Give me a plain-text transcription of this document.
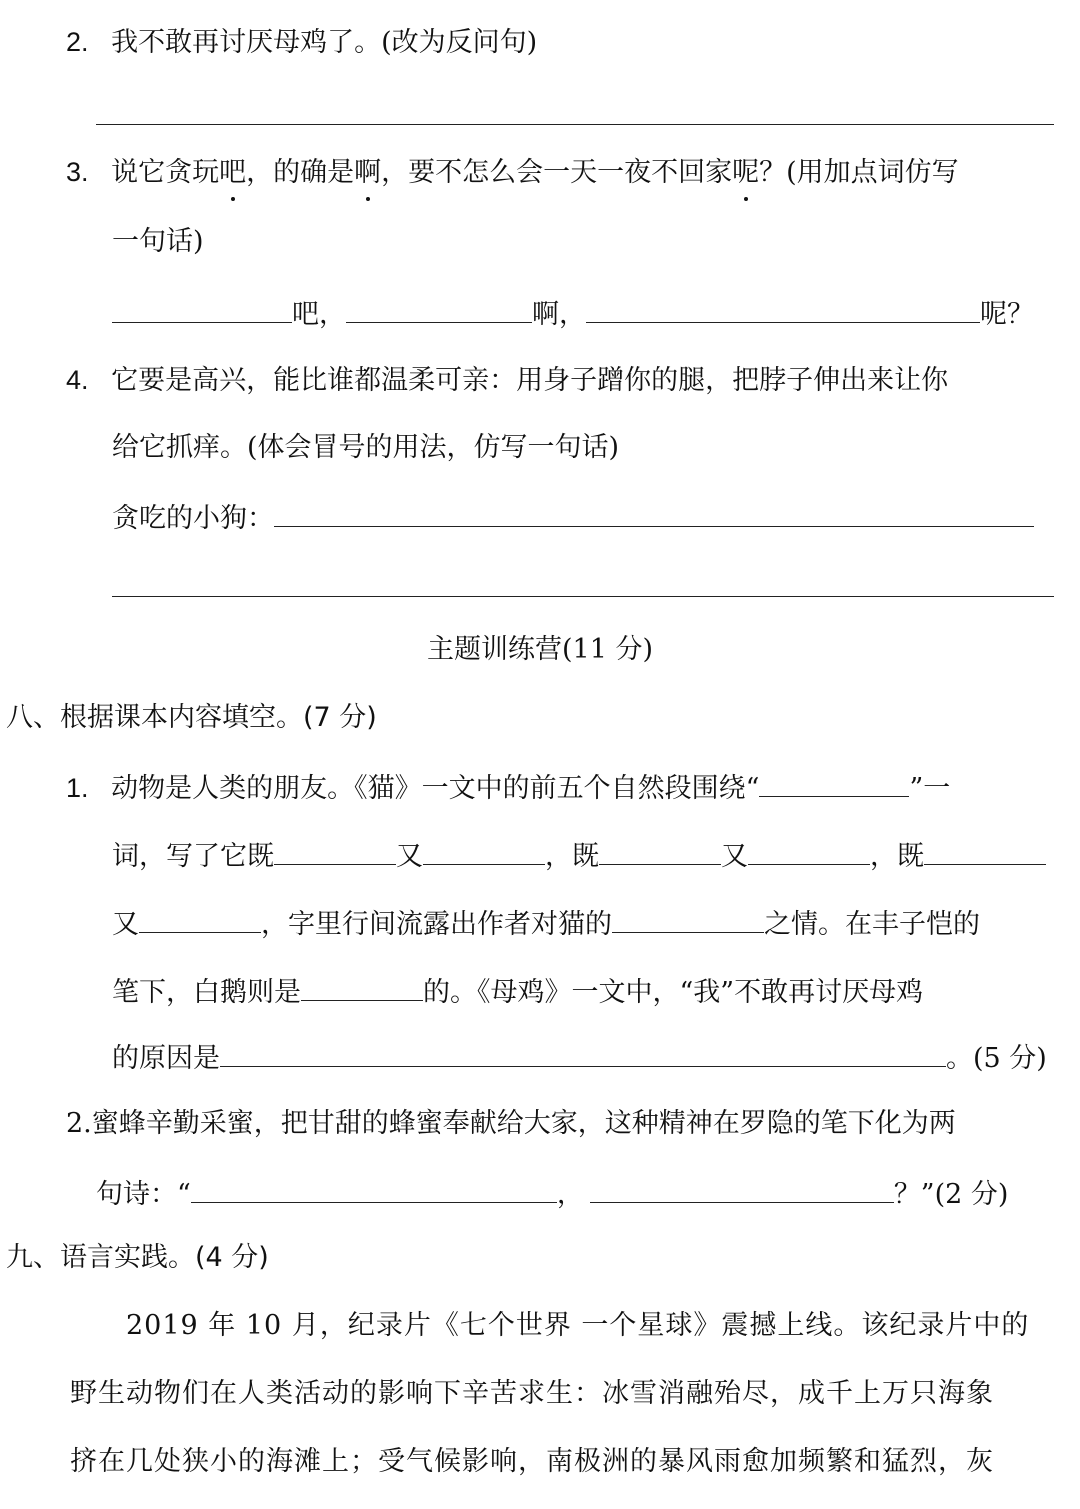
2. 我不敢再讨厌母鸡了。(改为反问句)
3. 说它贪玩吧，的确是啊，要不怎么会一天一夜不回家呢？(用加点词仿写
一句话)
吧，	啊，	呢？
4. 它要是高兴，能比谁都温柔可亲：用身子蹭你的腿，把脖子伸出来让你
给它抓痒。(体会冒号的用法，仿写一句话)
贪吃的小狗：
主题训练营(11 分)
八、根据课本内容填空。(7 分)
1. 动物是人类的朋友。《猫》一文中的前五个自然段围绕“	”一
词，写了它既	又	，既	又	，既
又	，字里行间流露出作者对猫的	之情。在丰子恺的
笔下，白鹅则是	的。《母鸡》一文中，“我”不敢再讨厌母鸡
的原因是	。(5 分)
2.蜜蜂辛勤采蜜，把甘甜的蜂蜜奉献给大家，这种精神在罗隐的笔下化为两
句诗：“	，	？”(2 分)
九、语言实践。(4 分)
2019 年 10 月，纪录片《七个世界 一个星球》震撼上线。该纪录片中的
野生动物们在人类活动的影响下辛苦求生：冰雪消融殆尽，成千上万只海象
挤在几处狭小的海滩上；受气候影响，南极洲的暴风雨愈加频繁和猛烈，灰
